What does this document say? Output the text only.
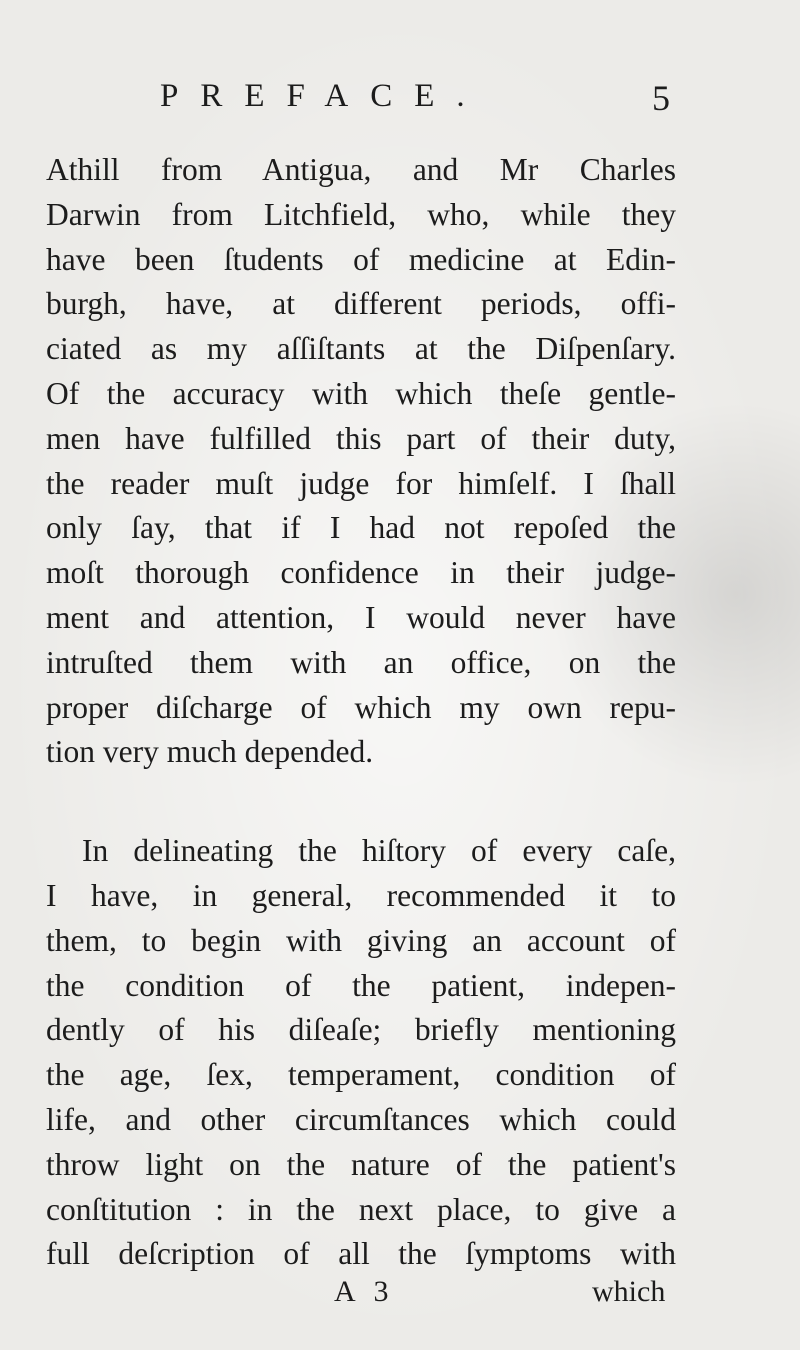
PREFACE.	5
Athill from Antigua, and Mr Charles
Darwin from Litchfield, who, while they
have been ſtudents of medicine at Edin-
burgh, have, at different periods, offi-
ciated as my aſſiſtants at the Diſpenſary.
Of the accuracy with which theſe gentle-
men have fulfilled this part of their duty,
the reader muſt judge for himſelf. I ſhall
only ſay, that if I had not repoſed the
moſt thorough confidence in their judge-
ment and attention, I would never have
intruſted them with an office, on the
proper diſcharge of which my own repu-
tion very much depended.
In delineating the hiſtory of every caſe,
I have, in general, recommended it to
them, to begin with giving an account of
the condition of the patient, indepen-
dently of his diſeaſe; briefly mentioning
the age, ſex, temperament, condition of
life, and other circumſtances which could
throw light on the nature of the patient's
conſtitution : in the next place, to give a
full deſcription of all the ſymptoms with
A 3	which
